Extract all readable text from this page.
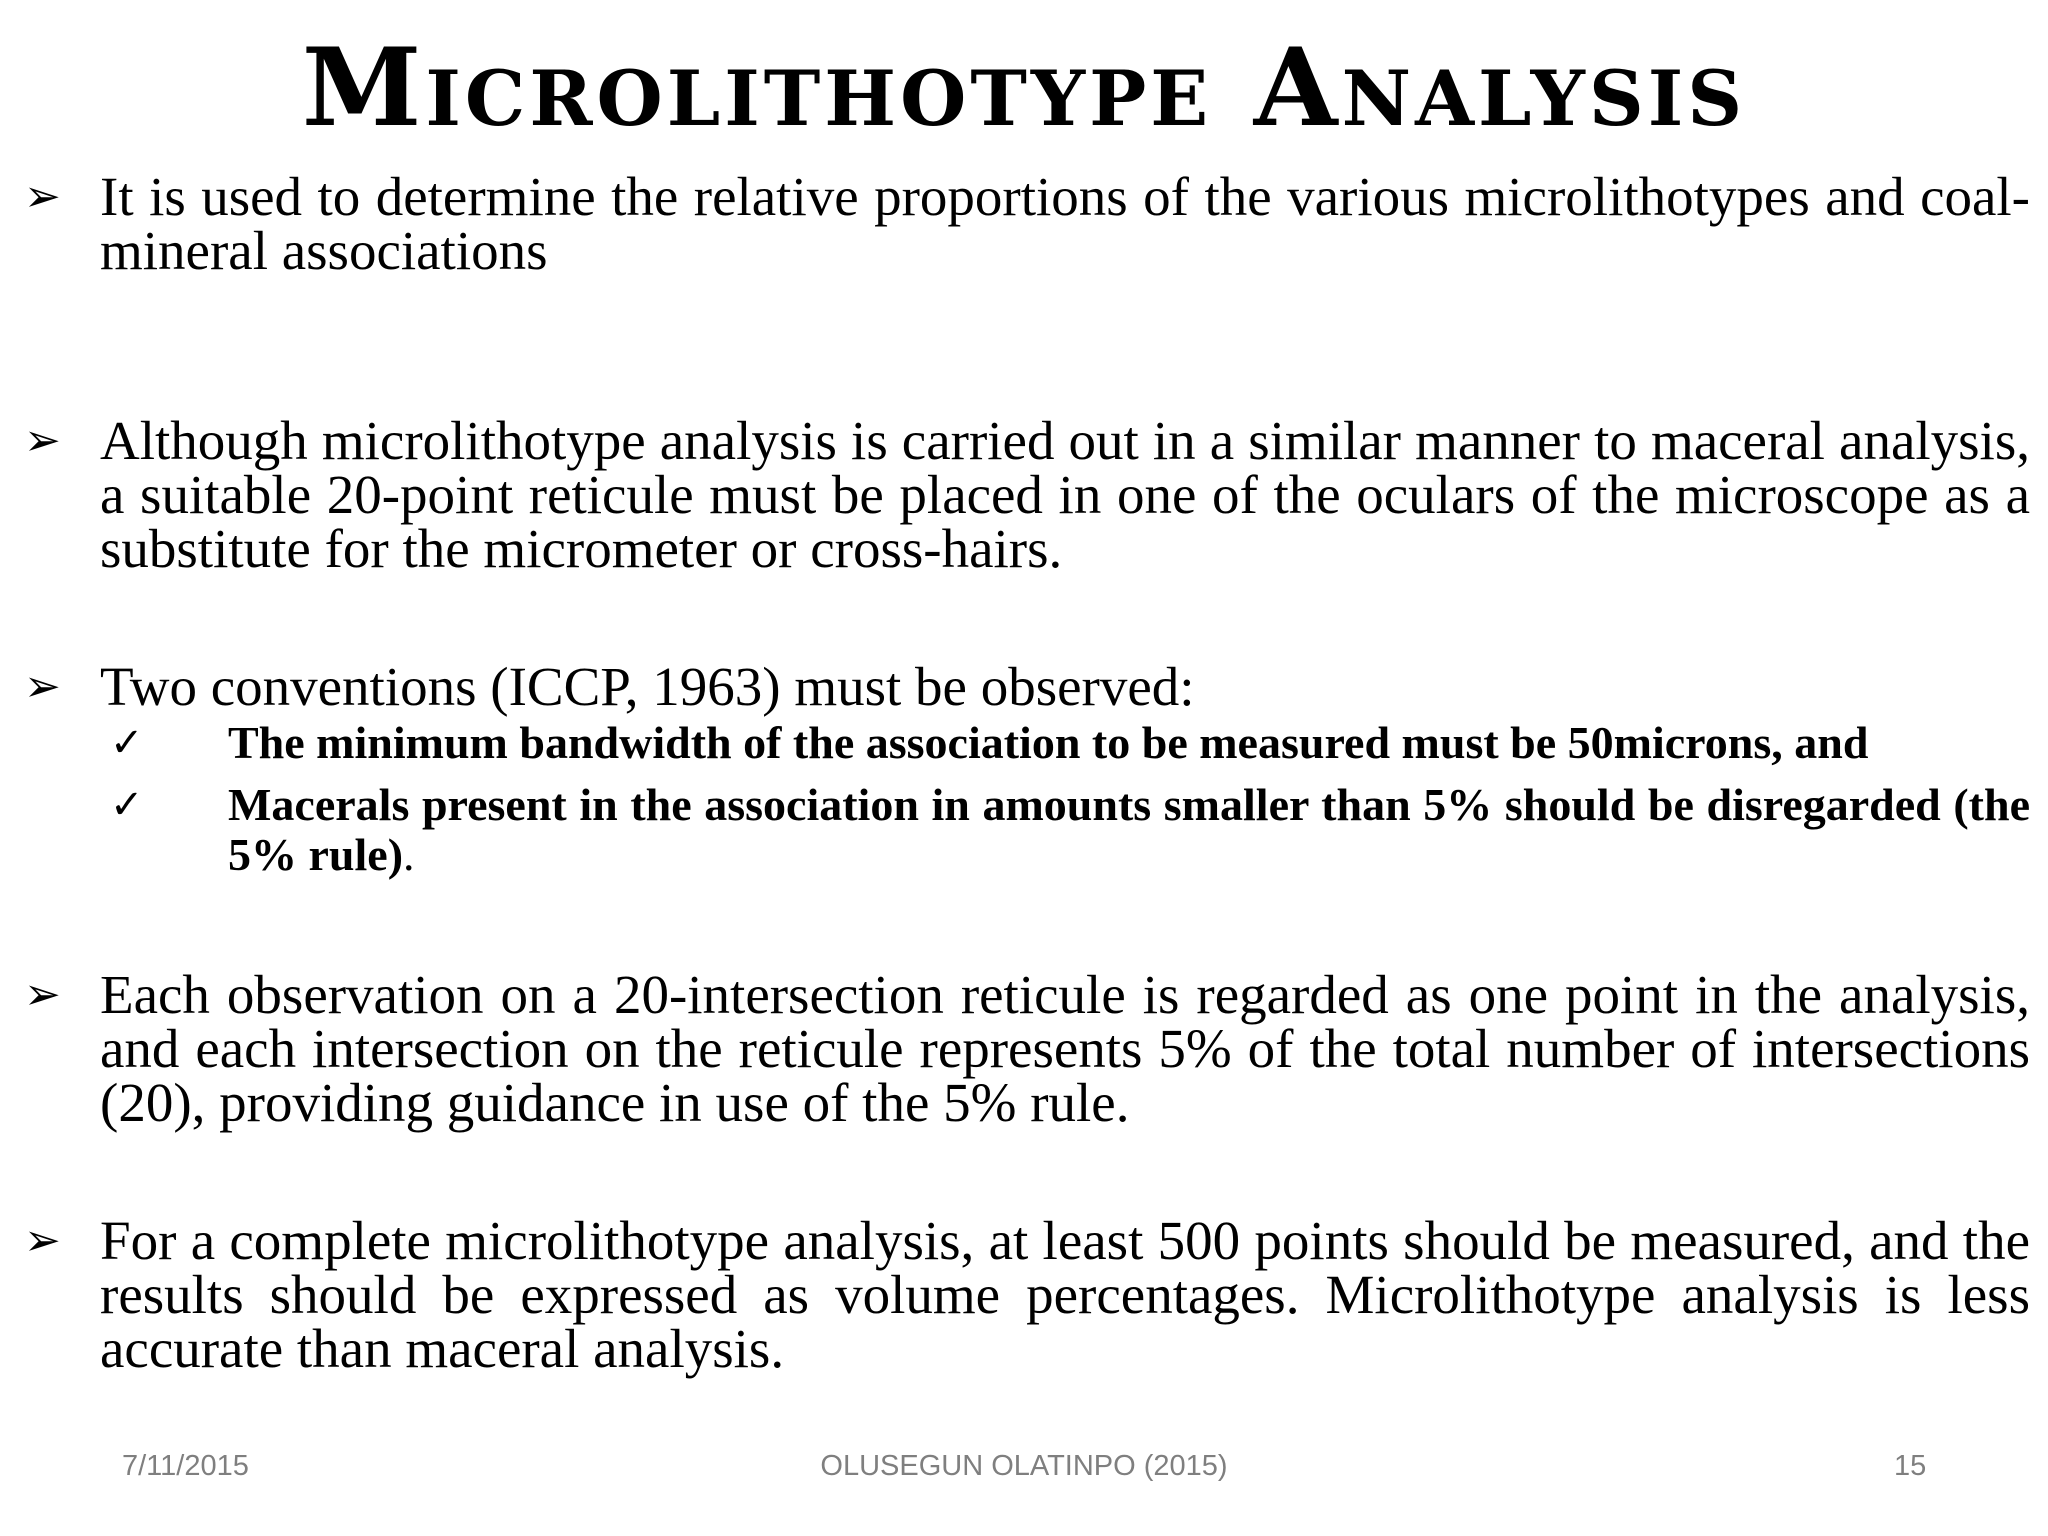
Microlithotype Analysis
➢ It is used to determine the relative proportions of the various microlithotypes and coal-mineral associations
➢ Although microlithotype analysis is carried out in a similar manner to maceral analysis, a suitable 20-point reticule must be placed in one of the oculars of the microscope as a substitute for the micrometer or cross-hairs.
➢ Two conventions (ICCP, 1963) must be observed:
✓ The minimum bandwidth of the association to be measured must be 50microns, and
✓ Macerals present in the association in amounts smaller than 5% should be disregarded (the 5% rule).
➢ Each observation on a 20-intersection reticule is regarded as one point in the analysis, and each intersection on the reticule represents 5% of the total number of intersections (20), providing guidance in use of the 5% rule.
➢ For a complete microlithotype analysis, at least 500 points should be measured, and the results should be expressed as volume percentages. Microlithotype analysis is less accurate than maceral analysis.
7/11/2015	OLUSEGUN OLATINPO (2015)	15
